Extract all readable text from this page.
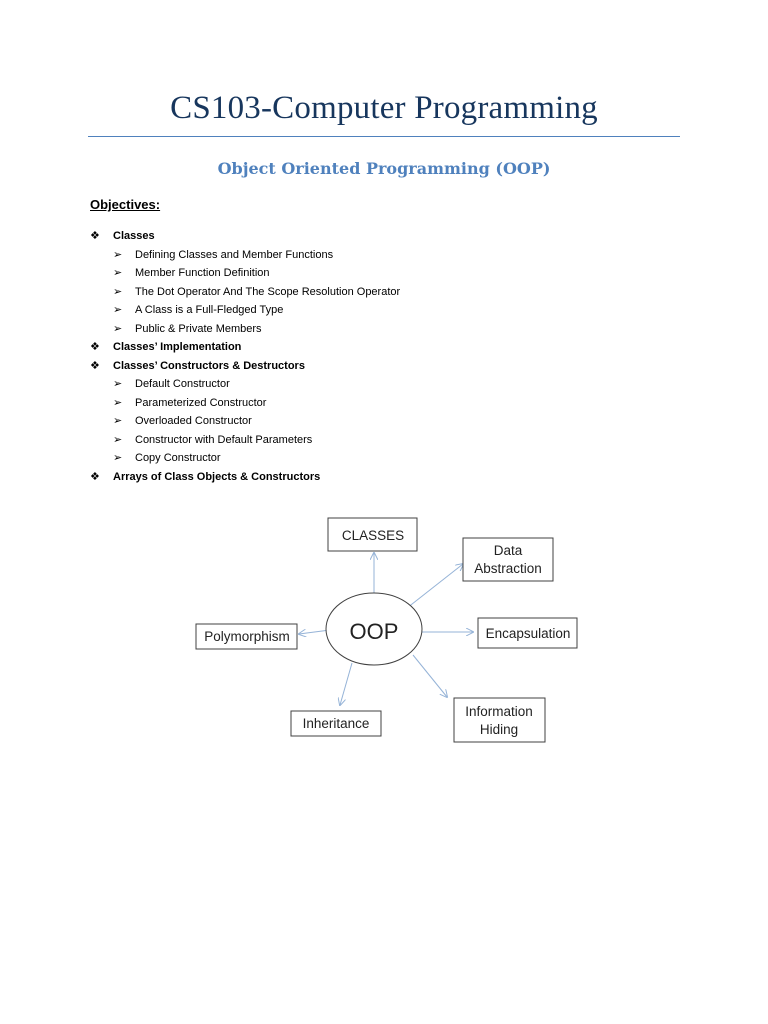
CS103-Computer Programming
Object Oriented Programming (OOP)
Objectives:
❖ Classes
➢ Defining Classes and Member Functions
➢ Member Function Definition
➢ The Dot Operator And The Scope Resolution Operator
➢ A Class is a Full-Fledged Type
➢ Public & Private Members
❖ Classes’ Implementation
❖ Classes’ Constructors & Destructors
➢ Default Constructor
➢ Parameterized Constructor
➢ Overloaded Constructor
➢ Constructor with Default Parameters
➢ Copy Constructor
❖ Arrays of Class Objects & Constructors
OOP
CLASSES
Data
Abstraction
Encapsulation
Information
Hiding
Inheritance
Polymorphism
